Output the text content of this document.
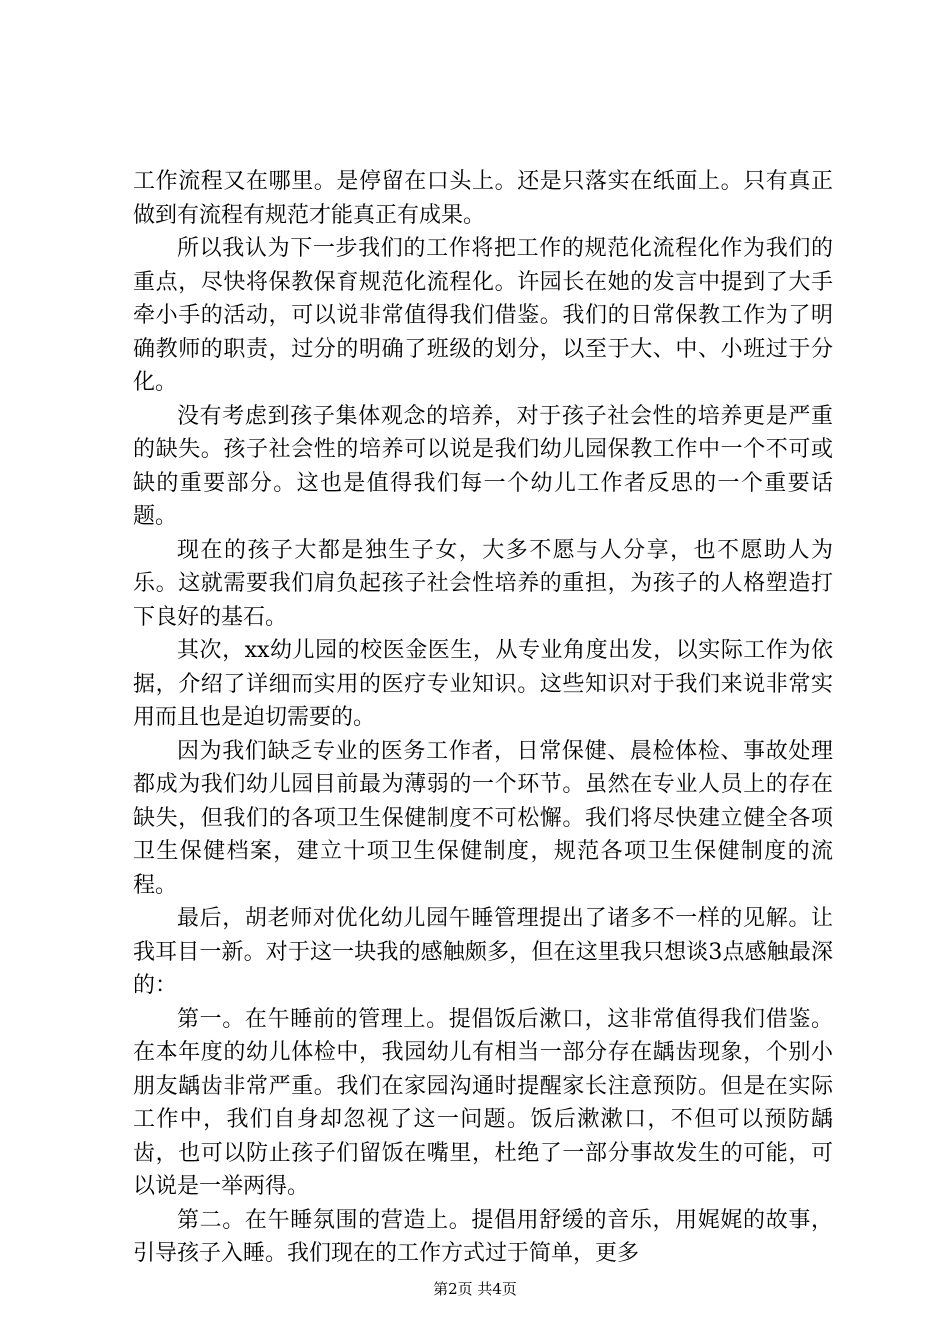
工作流程又在哪里。是停留在口头上。还是只落实在纸面上。只有真正做到有流程有规范才能真正有成果。

所以我认为下一步我们的工作将把工作的规范化流程化作为我们的重点，尽快将保教保育规范化流程化。许园长在她的发言中提到了大手牵小手的活动，可以说非常值得我们借鉴。我们的日常保教工作为了明确教师的职责，过分的明确了班级的划分，以至于大、中、小班过于分化。

没有考虑到孩子集体观念的培养，对于孩子社会性的培养更是严重的缺失。孩子社会性的培养可以说是我们幼儿园保教工作中一个不可或缺的重要部分。这也是值得我们每一个幼儿工作者反思的一个重要话题。

现在的孩子大都是独生子女，大多不愿与人分享，也不愿助人为乐。这就需要我们肩负起孩子社会性培养的重担，为孩子的人格塑造打下良好的基石。

其次，xx幼儿园的校医金医生，从专业角度出发，以实际工作为依据，介绍了详细而实用的医疗专业知识。这些知识对于我们来说非常实用而且也是迫切需要的。

因为我们缺乏专业的医务工作者，日常保健、晨检体检、事故处理都成为我们幼儿园目前最为薄弱的一个环节。虽然在专业人员上的存在缺失，但我们的各项卫生保健制度不可松懈。我们将尽快建立健全各项卫生保健档案，建立十项卫生保健制度，规范各项卫生保健制度的流程。

最后，胡老师对优化幼儿园午睡管理提出了诸多不一样的见解。让我耳目一新。对于这一块我的感触颇多，但在这里我只想谈3点感触最深的：

第一。在午睡前的管理上。提倡饭后漱口，这非常值得我们借鉴。在本年度的幼儿体检中，我园幼儿有相当一部分存在龋齿现象，个别小朋友龋齿非常严重。我们在家园沟通时提醒家长注意预防。但是在实际工作中，我们自身却忽视了这一问题。饭后漱漱口，不但可以预防龋齿，也可以防止孩子们留饭在嘴里，杜绝了一部分事故发生的可能，可以说是一举两得。

第二。在午睡氛围的营造上。提倡用舒缓的音乐，用娓娓的故事，引导孩子入睡。我们现在的工作方式过于简单，更多

第2页 共4页
